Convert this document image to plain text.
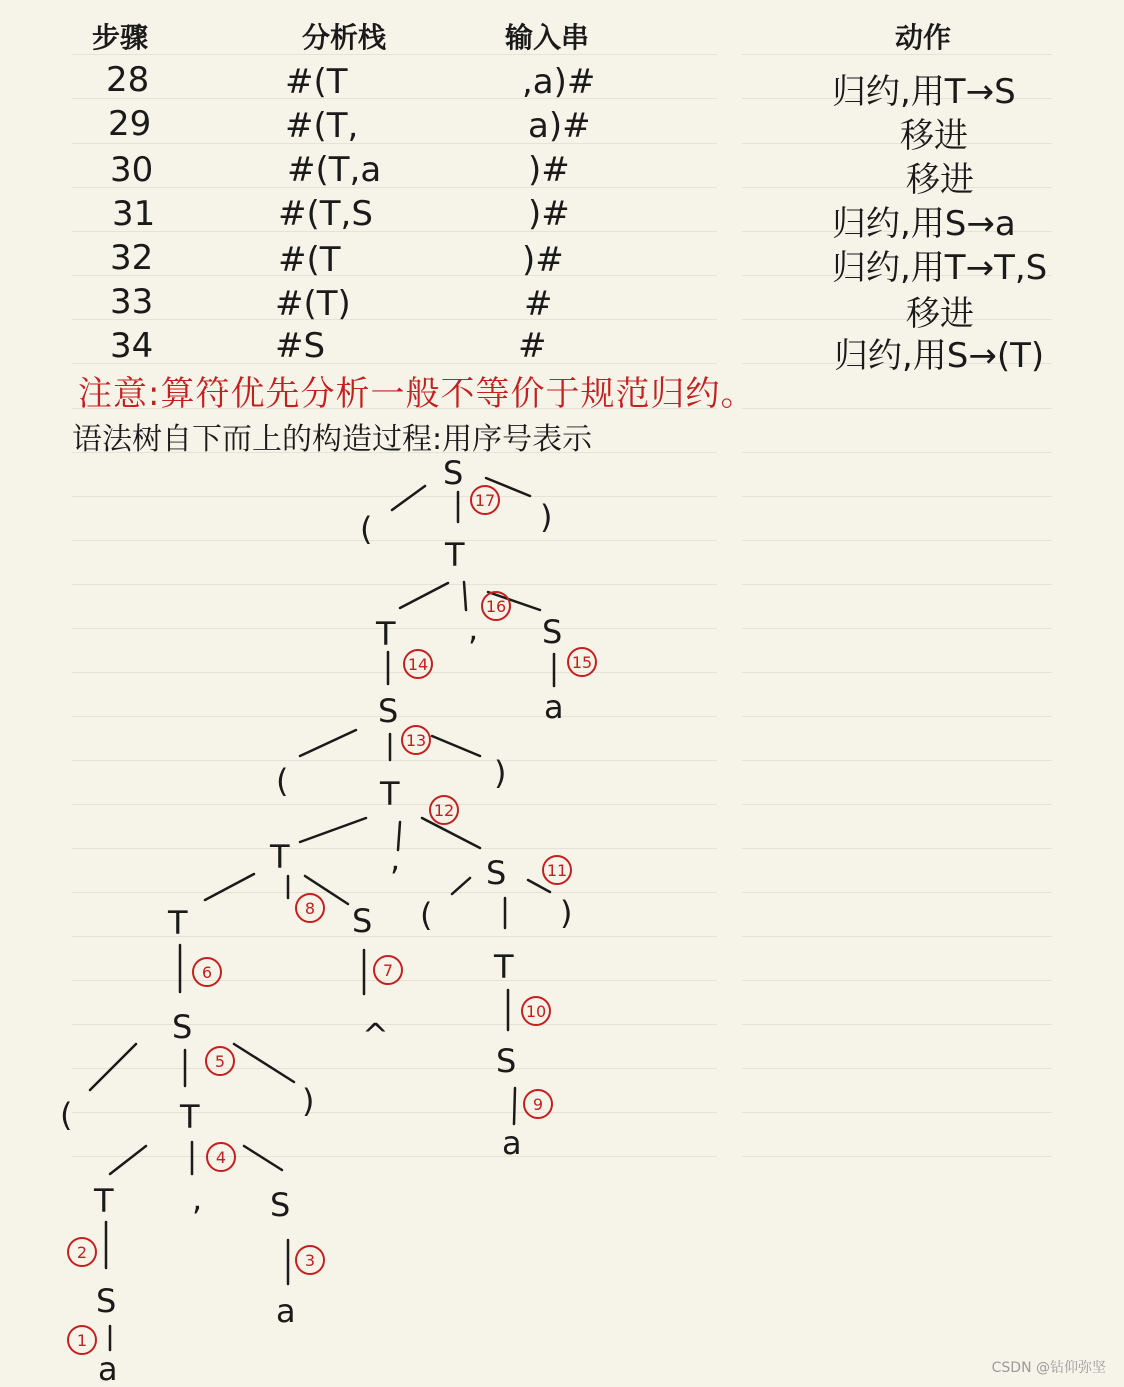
步骤	分析栈	输入串	动作
28	#(T	,a)#	归约,用T→S
29	#(T,	a)#	移进
30	#(T,a	)#	移进
31	#(T,S	)#	归约,用S→a
32	#(T	)#	归约,用T→T,S
33	#(T)	#	移进
34	#S	#	归约,用S→(T)
注意:算符优先分析一般不等价于规范归约。
语法树自下而上的构造过程:用序号表示
S
(
T
)
T , S
a
S
(	T
)
T	,	S
(
T
)
T	S
^
S
a
S
(	T	)
T , S
S	a
a
17
16
15
14
13
12
11
8
7
6
10
5
9
4
2	3
1
CSDN @钻仰弥坚
